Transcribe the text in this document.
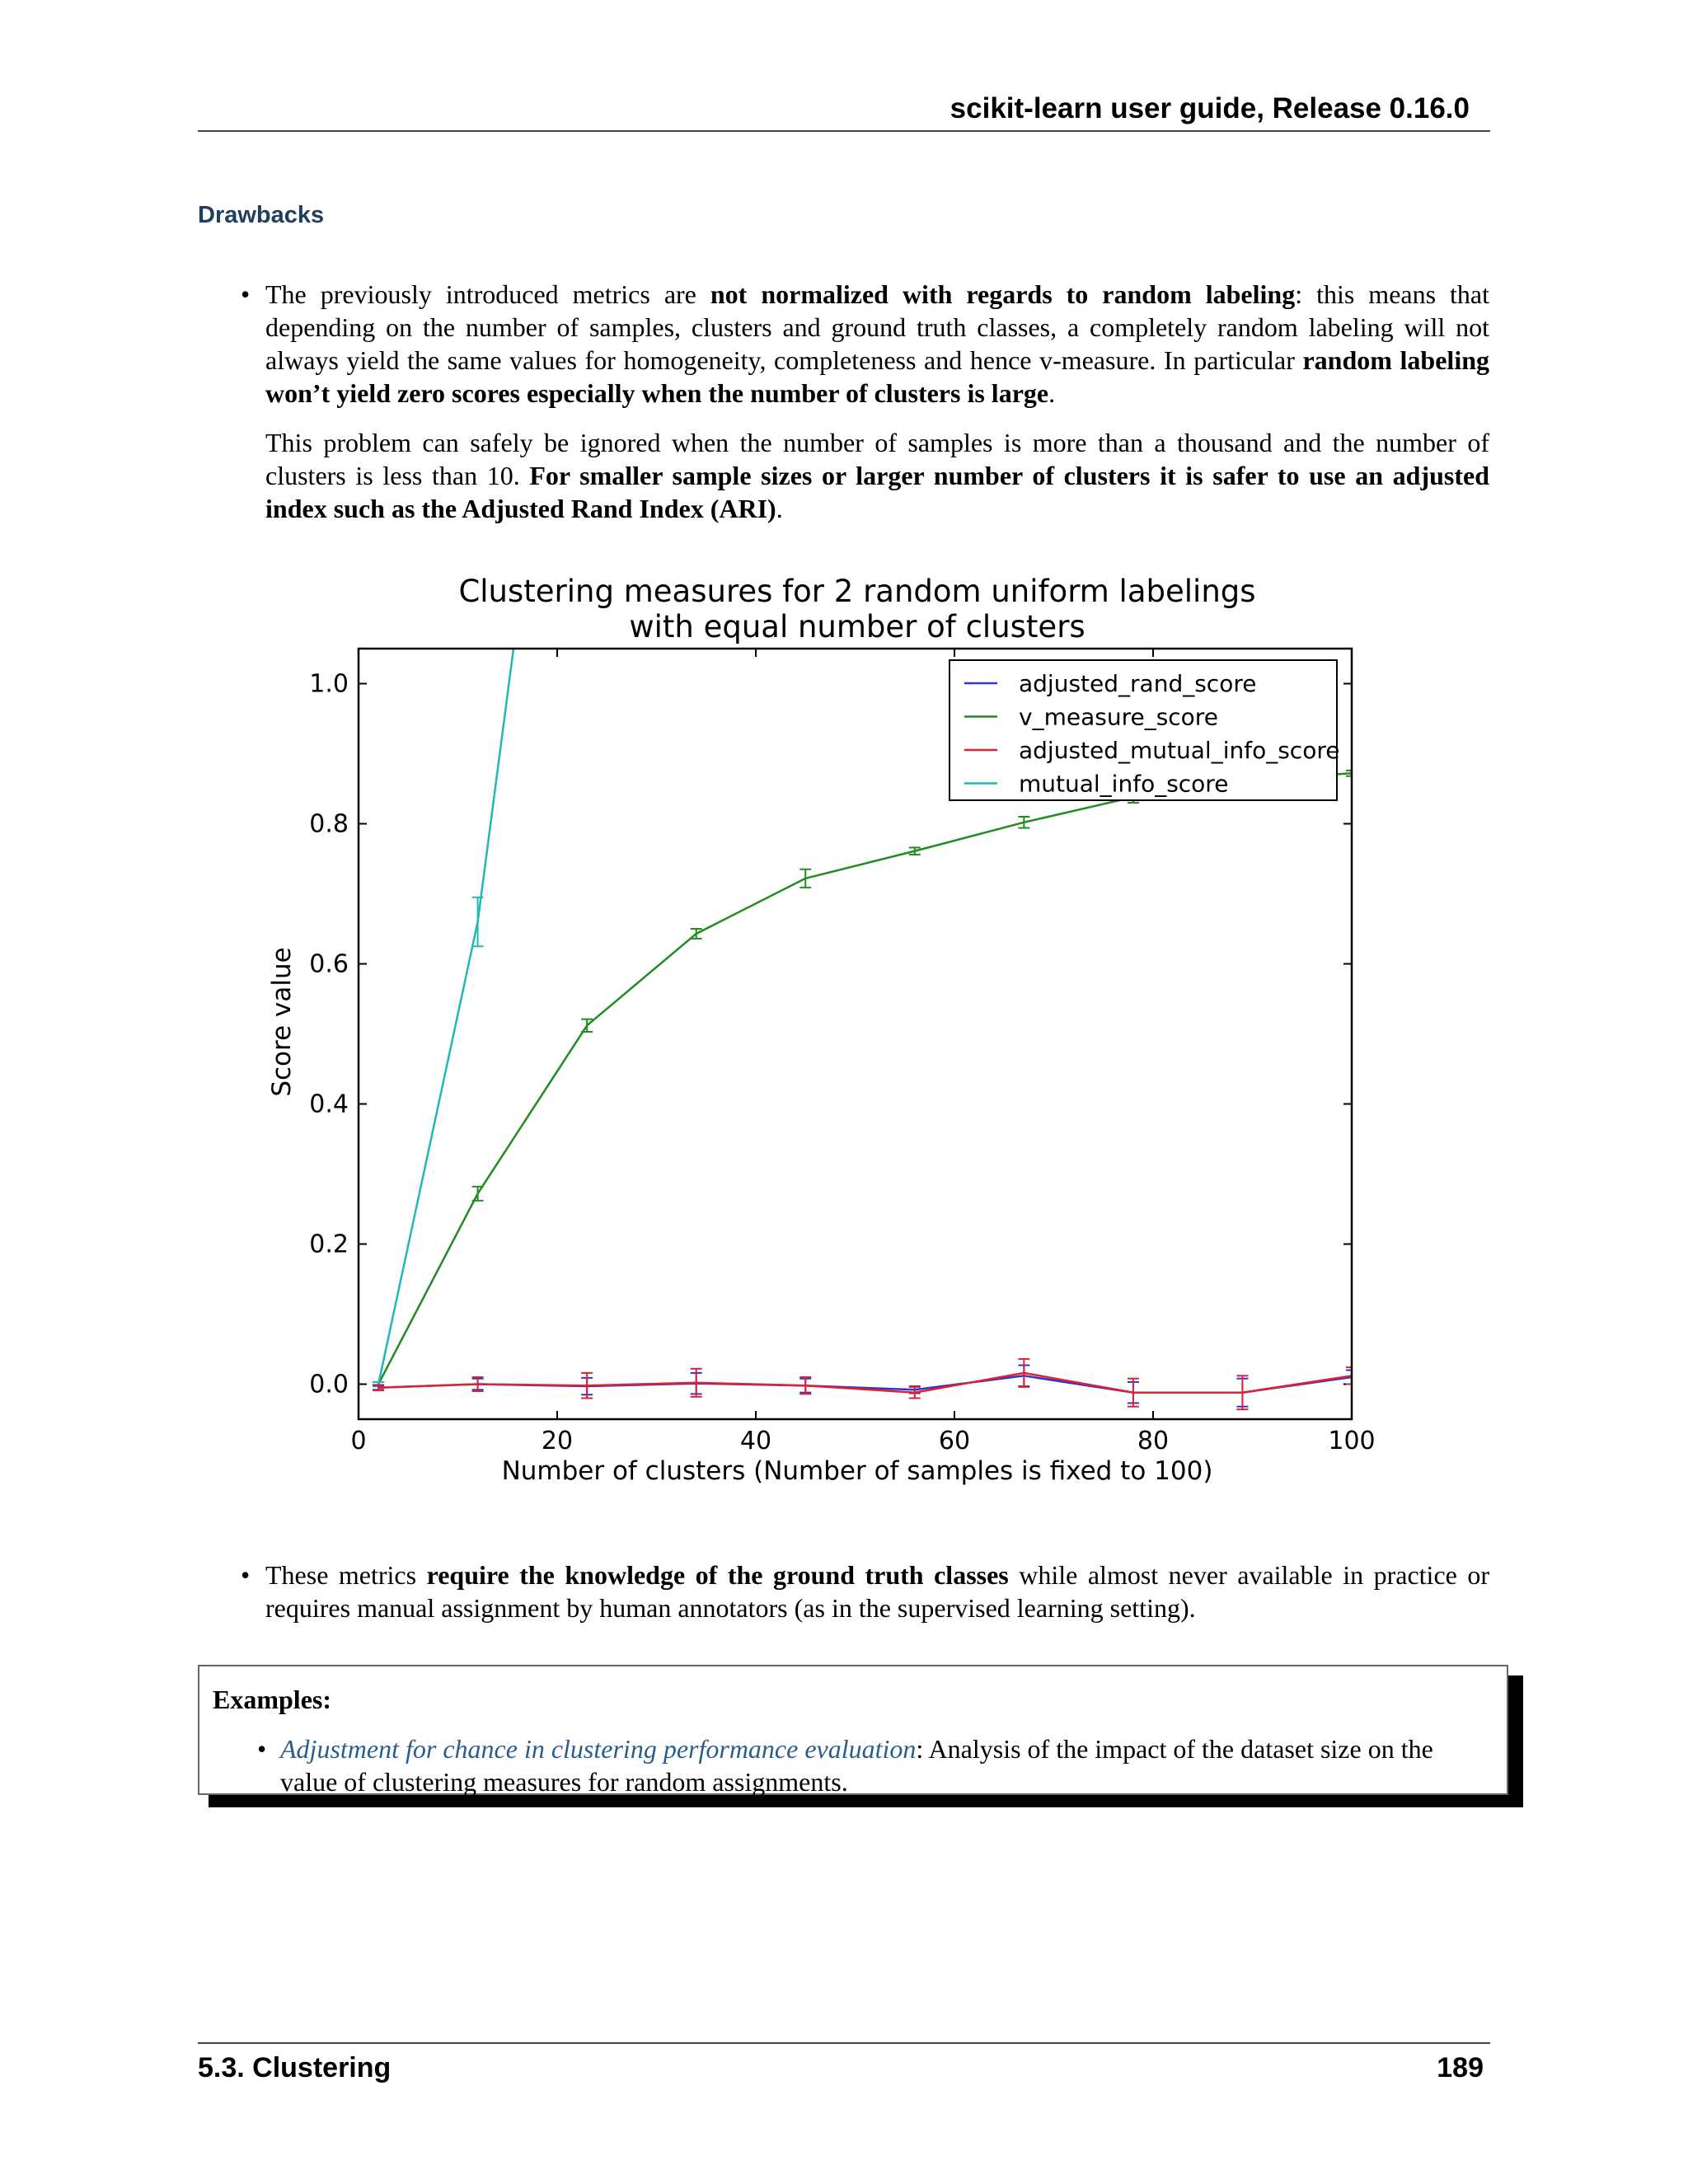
scikit-learn user guide, Release 0.16.0
Drawbacks
• The previously introduced metrics are not normalized with regards to random labeling: this means that depending on the number of samples, clusters and ground truth classes, a completely random labeling will not always yield the same values for homogeneity, completeness and hence v-measure. In particular random labeling won’t yield zero scores especially when the number of clusters is large.
This problem can safely be ignored when the number of samples is more than a thousand and the number of clusters is less than 10. For smaller sample sizes or larger number of clusters it is safer to use an adjusted index such as the Adjusted Rand Index (ARI).
Clustering measures for 2 random uniform labelings
with equal number of clusters
0	20	40	60	80	100
0.0
0.2
0.4
0.6
0.8
1.0	adjusted_rand_score
v_measure_score
adjusted_mutual_info_score
mutual_info_score
Number of clusters (Number of samples is fixed to 100)
Score value
• These metrics require the knowledge of the ground truth classes while almost never available in practice or requires manual assignment by human annotators (as in the supervised learning setting).
Examples:
• Adjustment for chance in clustering performance evaluation: Analysis of the impact of the dataset size on the value of clustering measures for random assignments.
5.3. Clustering	189
